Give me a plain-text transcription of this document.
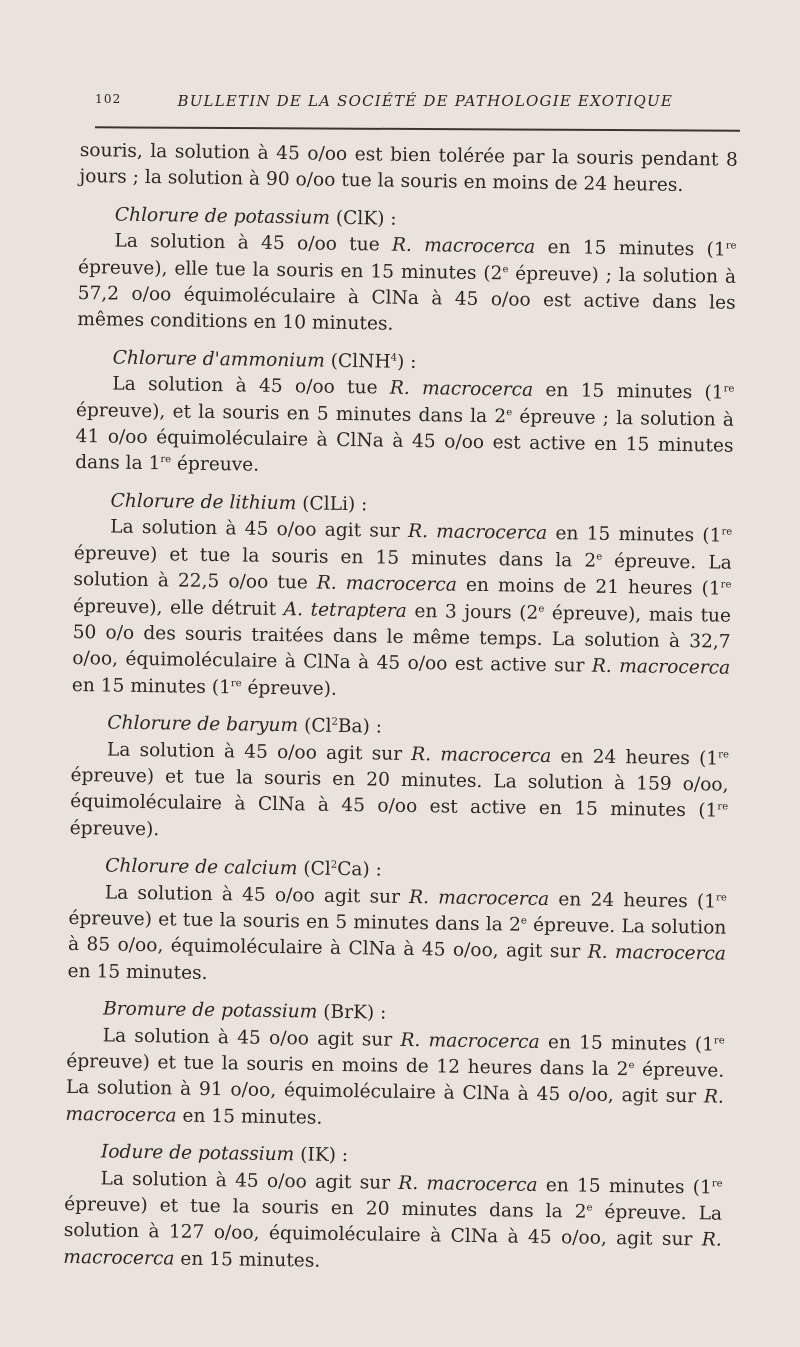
$^{102}$	BULLETIN DE LA SOCIÉTÉ DE PATHOLOGIE EXOTIQUE

souris, la solution à 45 o/oo est bien tolérée par la souris pendant 8 jours ; la solution à 90 o/oo tue la souris en moins de 24 heures.

Chlorure de potassium (ClK) :

La solution à 45 o/oo tue R. macrocerca en 15 minutes (1re épreuve), elle tue la souris en 15 minutes (2e épreuve) ; la solution à 57,2 o/oo équimoléculaire à ClNa à 45 o/oo est active dans les mêmes conditions en 10 minutes.

Chlorure d'ammonium (ClNH$^4$) :

La solution à 45 o/oo tue R. macrocerca en 15 minutes (1re épreuve), et la souris en 5 minutes dans la 2e épreuve ; la solution à 41 o/oo équimoléculaire à ClNa à 45 o/oo est active en 15 minutes dans la 1re épreuve.

Chlorure de lithium (ClLi) :

La solution à 45 o/oo agit sur R. macrocerca en 15 minutes (1re épreuve) et tue la souris en 15 minutes dans la 2e épreuve. La solution à 22,5 o/oo tue R. macrocerca en moins de 21 heures (1re épreuve), elle détruit A. tetraptera en 3 jours (2e épreuve), mais tue 50 o/o des souris traitées dans le même temps. La solution à 32,7 o/oo, équimoléculaire à ClNa à 45 o/oo est active sur R. macrocerca en 15 minutes (1re épreuve).

Chlorure de baryum (Cl$^2$Ba) :

La solution à 45 o/oo agit sur R. macrocerca en 24 heures (1re épreuve) et tue la souris en 20 minutes. La solution à 159 o/oo, équimoléculaire à ClNa à 45 o/oo est active en 15 minutes (1re épreuve).

Chlorure de calcium (Cl$^2$Ca) :

La solution à 45 o/oo agit sur R. macrocerca en 24 heures (1re épreuve) et tue la souris en 5 minutes dans la 2e épreuve. La solution à 85 o/oo, équimoléculaire à ClNa à 45 o/oo, agit sur R. macrocerca en 15 minutes.

Bromure de potassium (BrK) :

La solution à 45 o/oo agit sur R. macrocerca en 15 minutes (1re épreuve) et tue la souris en moins de 12 heures dans la 2e épreuve. La solution à 91 o/oo, équimoléculaire à ClNa à 45 o/oo, agit sur R. macrocerca en 15 minutes.

Iodure de potassium (IK) :

La solution à 45 o/oo agit sur R. macrocerca en 15 minutes (1re épreuve) et tue la souris en 20 minutes dans la 2e épreuve. La solution à 127 o/oo, équimoléculaire à ClNa à 45 o/oo, agit sur R. macrocerca en 15 minutes.
